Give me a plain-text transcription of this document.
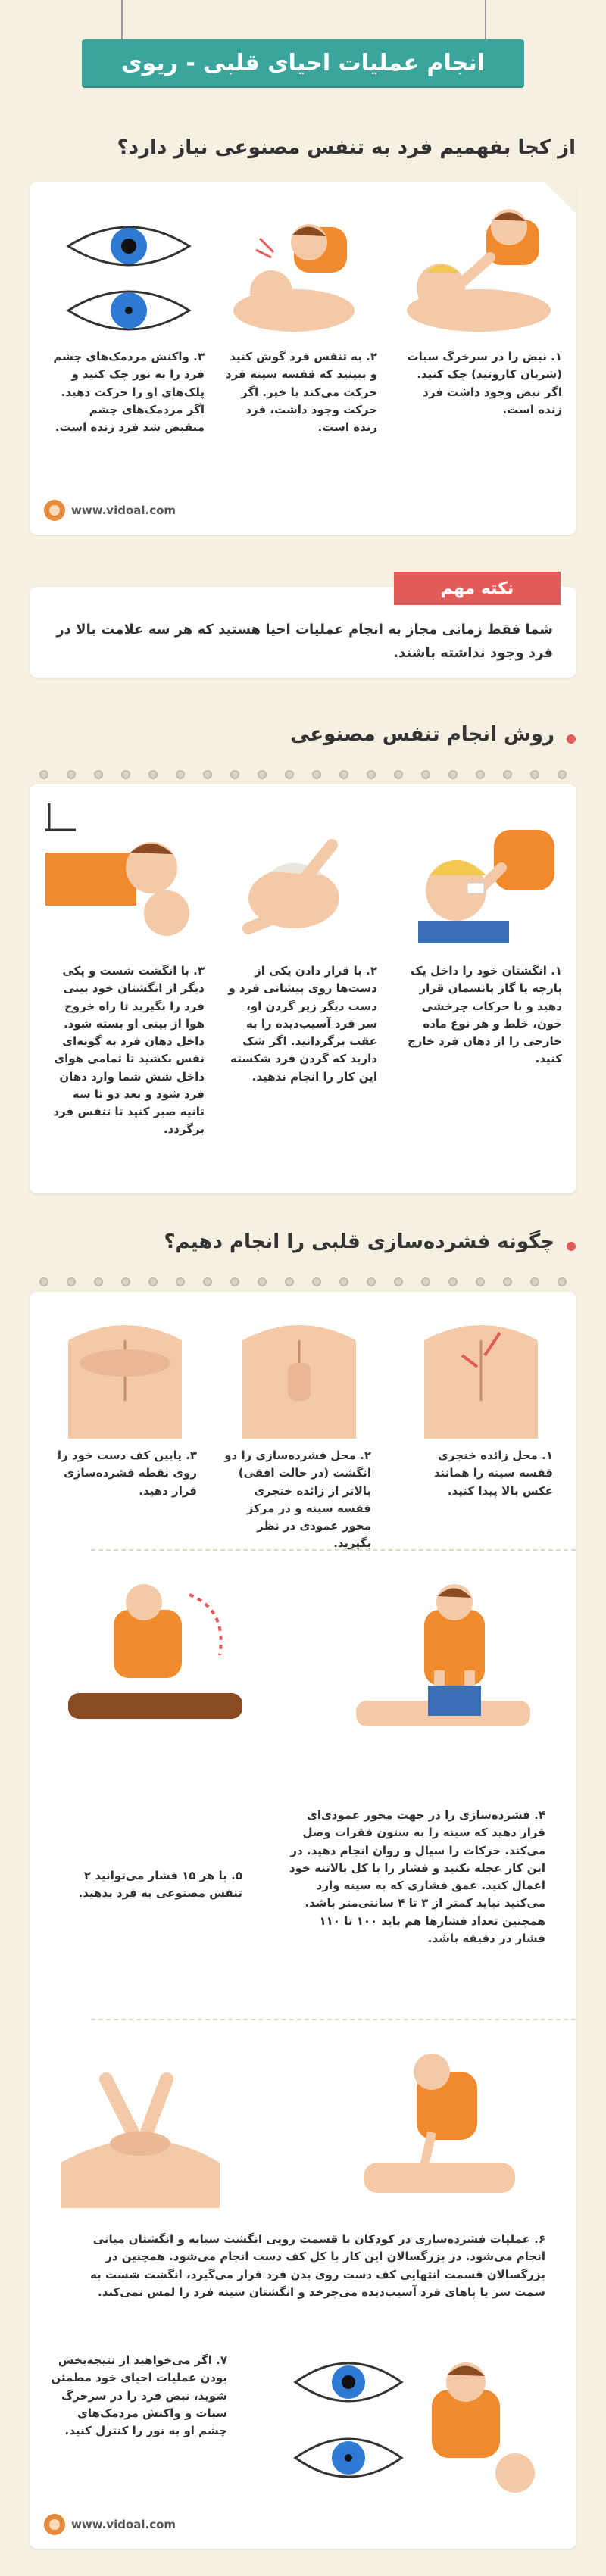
انجام عملیات احیای قلبی - ریوی
از کجا بفهمیم فرد به تنفس مصنوعی نیاز دارد؟
۱. نبض را در سرخرگ سبات (شریان کاروتید) چک کنید. اگر نبض وجود داشت فرد زنده است.
۲. به تنفس فرد گوش کنید و ببینید که قفسه سینه فرد حرکت می‌کند یا خیر. اگر حرکت وجود داشت، فرد زنده است.
۳. واکنش مردمک‌های چشم فرد را به نور چک کنید و پلک‌های او را حرکت دهید. اگر مردمک‌های چشم منقبض شد فرد زنده است.
www.vidoal.com
شما فقط زمانی مجاز به انجام عملیات احیا هستید که هر سه علامت بالا در فرد وجود نداشته باشند.
نکته مهم
روش انجام تنفس مصنوعی
۱. انگشتان خود را داخل یک پارچه یا گاز پانسمان قرار دهید و با حرکات چرخشی خون، خلط و هر نوع ماده خارجی را از دهان فرد خارج کنید.
۲. با قرار دادن یکی از دست‌ها روی پیشانی فرد و دست دیگر زیر گردن او، سر فرد آسیب‌دیده را به عقب برگردانید. اگر شک دارید که گردن فرد شکسته این کار را انجام ندهید.
۳. با انگشت شست و یکی دیگر از انگشتان خود بینی فرد را بگیرید تا راه خروج هوا از بینی او بسته شود. داخل دهان فرد به گونه‌ای نفس بکشید تا تمامی هوای داخل شش شما وارد دهان فرد شود و بعد دو تا سه ثانیه صبر کنید تا تنفس فرد برگردد.
چگونه فشرده‌سازی قلبی را انجام دهیم؟
۱. محل زائده خنجری قفسه سینه را همانند عکس بالا پیدا کنید.
۲. محل فشرده‌سازی را دو انگشت (در حالت افقی) بالاتر از زائده خنجری قفسه سینه و در مرکز محور عمودی در نظر بگیرید.
۳. پایین کف دست خود را روی نقطه فشرده‌سازی قرار دهید.
۴. فشرده‌سازی را در جهت محور عمودی‌ای قرار دهید که سینه را به ستون فقرات وصل می‌کند. حرکات را سیال و روان انجام دهید. در این کار عجله نکنید و فشار را با کل بالاتنه خود اعمال کنید. عمق فشاری که به سینه وارد می‌کنید نباید کمتر از ۳ تا ۴ سانتی‌متر باشد. همچنین تعداد فشارها هم باید ۱۰۰ تا ۱۱۰ فشار در دقیقه باشد.
۵. با هر ۱۵ فشار می‌توانید ۲ تنفس مصنوعی به فرد بدهید.
۶. عملیات فشرده‌سازی در کودکان با قسمت رویی انگشت سبابه و انگشتان میانی انجام می‌شود. در بزرگسالان این کار با کل کف دست انجام می‌شود. همچنین در بزرگسالان قسمت انتهایی کف دست روی بدن فرد قرار می‌گیرد، انگشت شست به سمت سر یا پاهای فرد آسیب‌دیده می‌چرخد و انگشتان سینه فرد را لمس نمی‌کند.
۷. اگر می‌خواهید از نتیجه‌بخش بودن عملیات احیای خود مطمئن شوید، نبض فرد را در سرخرگ سبات و واکنش مردمک‌های چشم او به نور را کنترل کنید.
www.vidoal.com
